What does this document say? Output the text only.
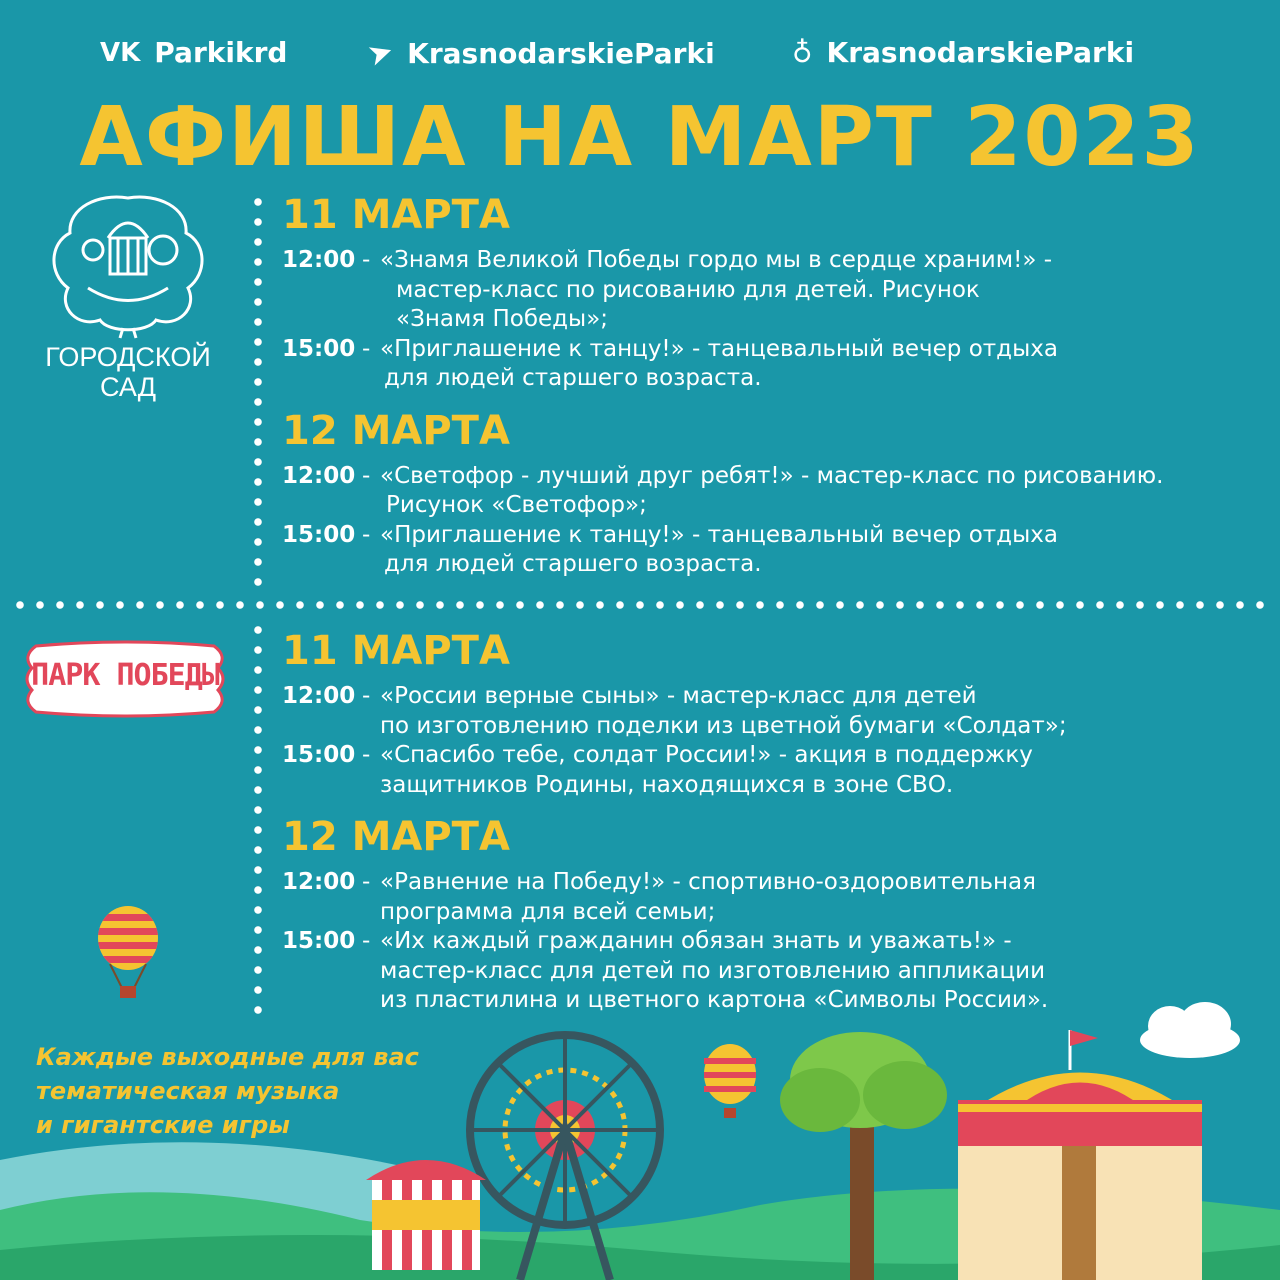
VK Parkikrd	➤ KrasnodarskieParki	♁ KrasnodarskieParki
АФИША НА МАРТ 2023
ГОРОДСКОЙ
САД
ПАРК ПОБЕДЫ
11 МАРТА
12:00 - «Знамя Великой Победы гордо мы в сердце храним!» -
мастер-класс по рисованию для детей. Рисунок
«Знамя Победы»;
15:00 - «Приглашение к танцу!» - танцевальный вечер отдыха
для людей старшего возраста.
12 МАРТА
12:00 - «Светофор - лучший друг ребят!» - мастер-класс по рисованию.
Рисунок «Светофор»;
15:00 - «Приглашение к танцу!» - танцевальный вечер отдыха
для людей старшего возраста.
11 МАРТА
12:00 - «России верные сыны» - мастер-класс для детей
по изготовлению поделки из цветной бумаги «Солдат»;
15:00 - «Спасибо тебе, солдат России!» - акция в поддержку
защитников Родины, находящихся в зоне СВО.
12 МАРТА
12:00 - «Равнение на Победу!» - спортивно-оздоровительная
программа для всей семьи;
15:00 - «Их каждый гражданин обязан знать и уважать!» -
мастер-класс для детей по изготовлению аппликации
из пластилина и цветного картона «Символы России».
Каждые выходные для вас
тематическая музыка
и гигантские игры
